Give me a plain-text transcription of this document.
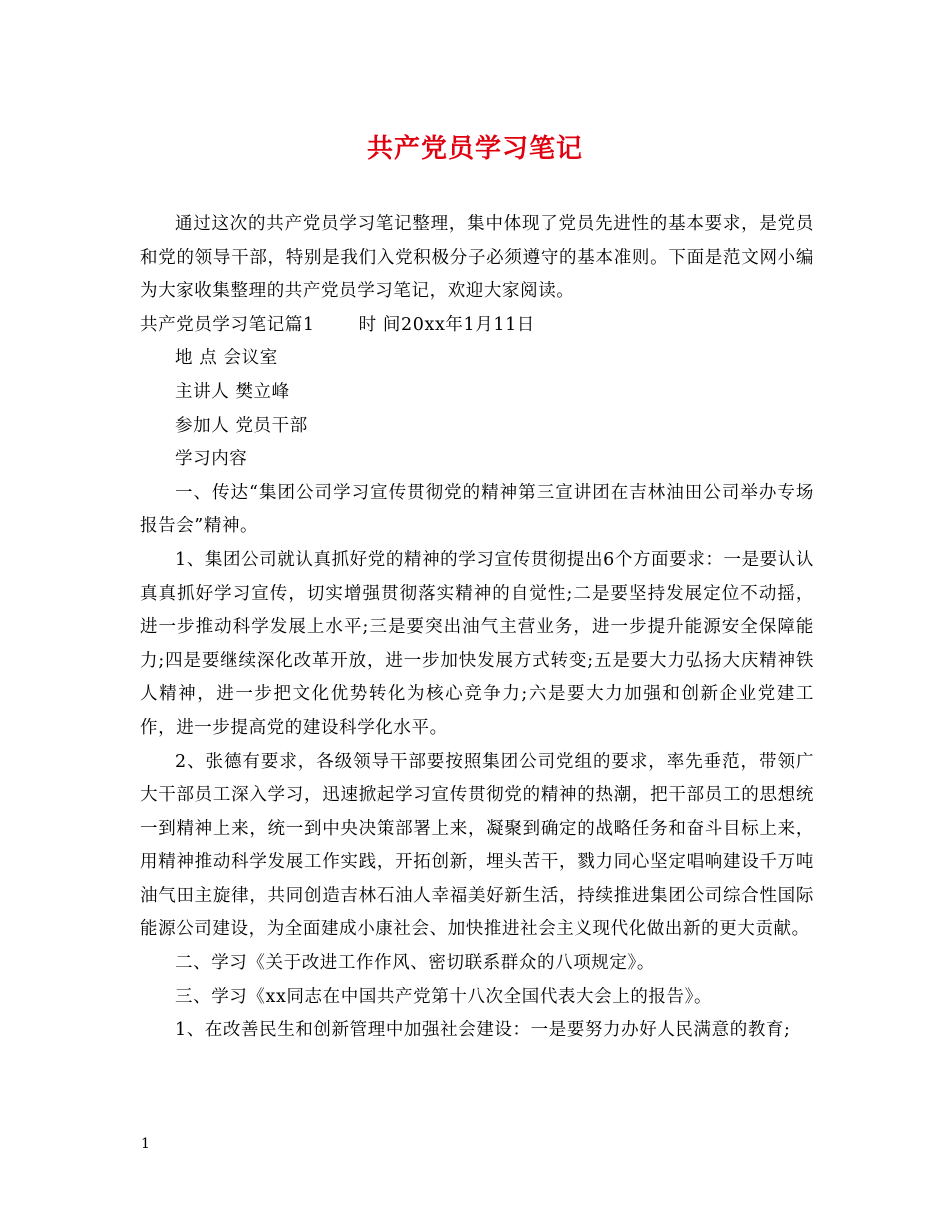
共产党员学习笔记

通过这次的共产党员学习笔记整理，集中体现了党员先进性的基本要求，是党员和党的领导干部，特别是我们入党积极分子必须遵守的基本准则。下面是范文网小编为大家收集整理的共产党员学习笔记，欢迎大家阅读。

共产党员学习笔记篇1	时 间20xx年1月11日

地 点 会议室

主讲人 樊立峰

参加人 党员干部

学习内容

一、传达“集团公司学习宣传贯彻党的精神第三宣讲团在吉林油田公司举办专场报告会”精神。

1、集团公司就认真抓好党的精神的学习宣传贯彻提出6个方面要求：一是要认认真真抓好学习宣传，切实增强贯彻落实精神的自觉性;二是要坚持发展定位不动摇，进一步推动科学发展上水平;三是要突出油气主营业务，进一步提升能源安全保障能力;四是要继续深化改革开放，进一步加快发展方式转变;五是要大力弘扬大庆精神铁人精神，进一步把文化优势转化为核心竞争力;六是要大力加强和创新企业党建工作，进一步提高党的建设科学化水平。

2、张德有要求，各级领导干部要按照集团公司党组的要求，率先垂范，带领广大干部员工深入学习，迅速掀起学习宣传贯彻党的精神的热潮，把干部员工的思想统一到精神上来，统一到中央决策部署上来，凝聚到确定的战略任务和奋斗目标上来，用精神推动科学发展工作实践，开拓创新，埋头苦干，戮力同心坚定唱响建设千万吨油气田主旋律，共同创造吉林石油人幸福美好新生活，持续推进集团公司综合性国际能源公司建设，为全面建成小康社会、加快推进社会主义现代化做出新的更大贡献。

二、学习《关于改进工作作风、密切联系群众的八项规定》。

三、学习《xx同志在中国共产党第十八次全国代表大会上的报告》。

1、在改善民生和创新管理中加强社会建设：一是要努力办好人民满意的教育;

1
